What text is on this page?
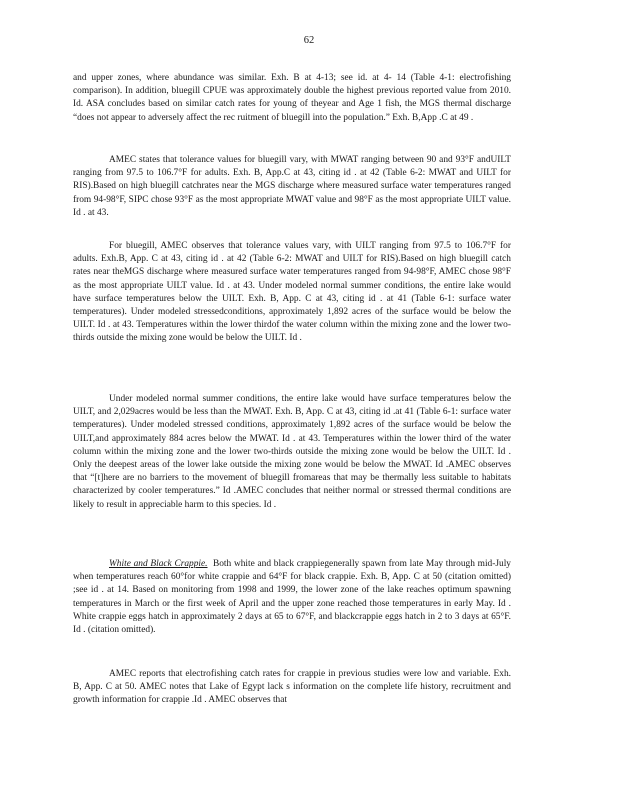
62

and upper zones, where abundance was similar. Exh. B at 4-13; see id. at 4- 14 (Table 4-1: electrofishing comparison). In addition, bluegill CPUE was approximately double the highest previous reported value from 2010. Id. ASA concludes based on similar catch rates for young of theyear and Age 1 fish, the MGS thermal discharge “does not appear to adversely affect the rec ruitment of bluegill into the population.” Exh. B,App .C at 49 .

AMEC states that tolerance values for bluegill vary, with MWAT ranging between 90 and 93°F andUILT ranging from 97.5 to 106.7°F for adults. Exh. B, App.C at 43, citing id . at 42 (Table 6-2: MWAT and UILT for RIS).Based on high bluegill catchrates near the MGS discharge where measured surface water temperatures ranged from 94-98°F, SIPC chose 93°F as the most appropriate MWAT value and 98°F as the most appropriate UILT value. Id . at 43.

For bluegill, AMEC observes that tolerance values vary, with UILT ranging from 97.5 to 106.7°F for adults. Exh.B, App. C at 43, citing id . at 42 (Table 6-2: MWAT and UILT for RIS).Based on high bluegill catch rates near theMGS discharge where measured surface water temperatures ranged from 94-98°F, AMEC chose 98°F as the most appropriate UILT value. Id . at 43. Under modeled normal summer conditions, the entire lake would have surface temperatures below the UILT. Exh. B, App. C at 43, citing id . at 41 (Table 6-1: surface water temperatures). Under modeled stressedconditions, approximately 1,892 acres of the surface would be below the UILT. Id . at 43. Temperatures within the lower thirdof the water column within the mixing zone and the lower two-thirds outside the mixing zone would be below the UILT. Id .

Under modeled normal summer conditions, the entire lake would have surface temperatures below the UILT, and 2,029acres would be less than the MWAT. Exh. B, App. C at 43, citing id .at 41 (Table 6-1: surface water temperatures). Under modeled stressed conditions, approximately 1,892 acres of the surface would be below the UILT,and approximately 884 acres below the MWAT. Id . at 43. Temperatures within the lower third of the water column within the mixing zone and the lower two-thirds outside the mixing zone would be below the UILT. Id . Only the deepest areas of the lower lake outside the mixing zone would be below the MWAT. Id .AMEC observes that “[t]here are no barriers to the movement of bluegill fromareas that may be thermally less suitable to habitats characterized by cooler temperatures.” Id .AMEC concludes that neither normal or stressed thermal conditions are likely to result in appreciable harm to this species. Id .

White and Black Crappie. Both white and black crappiegenerally spawn from late May through mid-July when temperatures reach 60°for white crappie and 64°F for black crappie. Exh. B, App. C at 50 (citation omitted) ;see id . at 14. Based on monitoring from 1998 and 1999, the lower zone of the lake reaches optimum spawning temperatures in March or the first week of April and the upper zone reached those temperatures in early May. Id . White crappie eggs hatch in approximately 2 days at 65 to 67°F, and blackcrappie eggs hatch in 2 to 3 days at 65°F. Id . (citation omitted).

AMEC reports that electrofishing catch rates for crappie in previous studies were low and variable. Exh. B, App. C at 50. AMEC notes that Lake of Egypt lack s information on the complete life history, recruitment and growth information for crappie .Id . AMEC observes that
